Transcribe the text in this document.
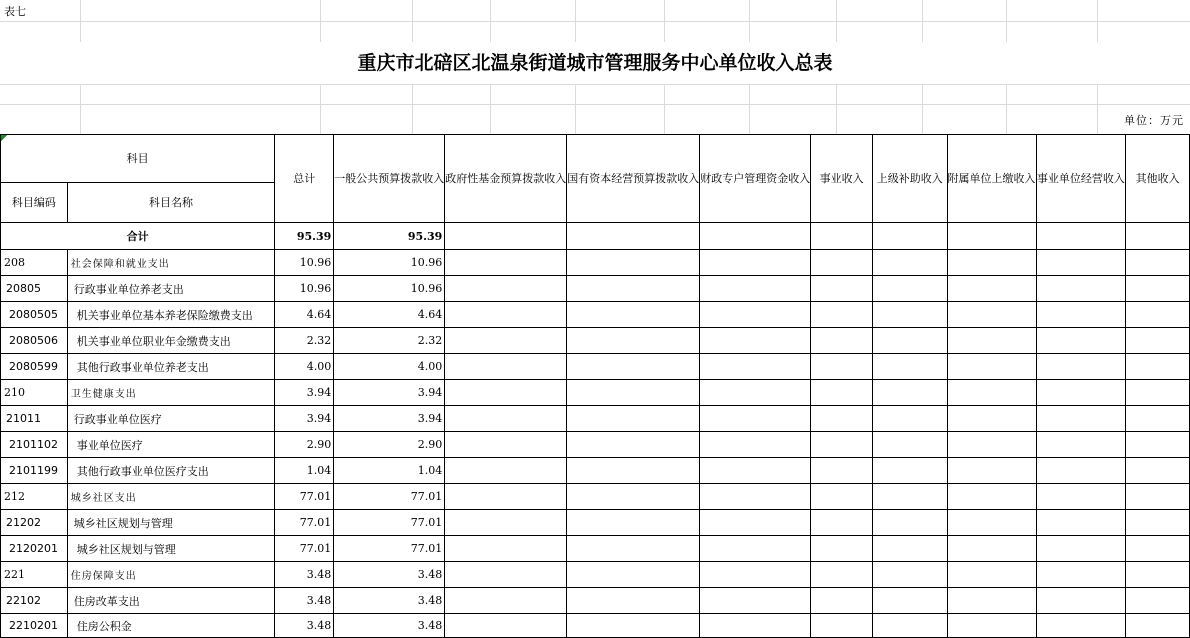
表七
重庆市北碚区北温泉街道城市管理服务中心单位收入总表
单位：万元
科目		总计	一般公共预算拨款收入	政府性基金预算拨款收入	国有资本经营预算拨款收入	财政专户管理资金收入	事业收入	上级补助收入	附属单位上缴收入	事业单位经营收入	其他收入
科目编码	科目名称										
合计		95.39	95.39								
208	社会保障和就业支出	10.96	10.96								
20805	行政事业单位养老支出	10.96	10.96								
2080505	机关事业单位基本养老保险缴费支出	4.64	4.64								
2080506	机关事业单位职业年金缴费支出	2.32	2.32								
2080599	其他行政事业单位养老支出	4.00	4.00								
210	卫生健康支出	3.94	3.94								
21011	行政事业单位医疗	3.94	3.94								
2101102	事业单位医疗	2.90	2.90								
2101199	其他行政事业单位医疗支出	1.04	1.04								
212	城乡社区支出	77.01	77.01								
21202	城乡社区规划与管理	77.01	77.01								
2120201	城乡社区规划与管理	77.01	77.01								
221	住房保障支出	3.48	3.48								
22102	住房改革支出	3.48	3.48								
2210201	住房公积金	3.48	3.48								
